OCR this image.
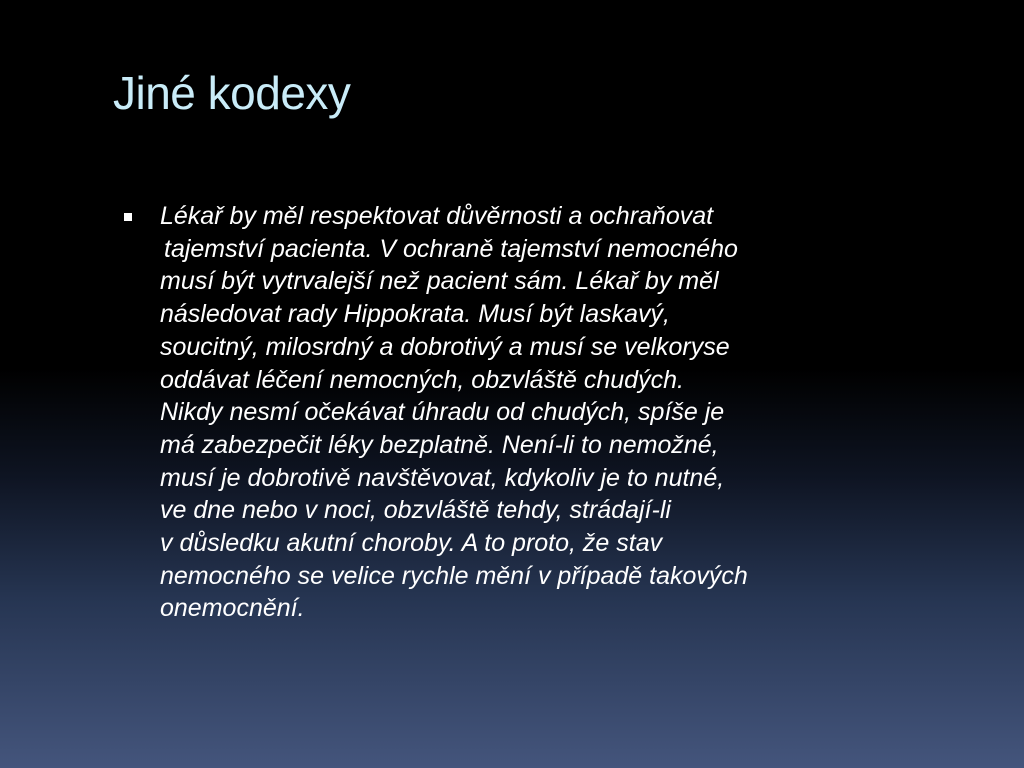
Jiné kodexy

Lékař by měl respektovat důvěrnosti a ochraňovat
tajemství pacienta. V ochraně tajemství nemocného
musí být vytrvalejší než pacient sám. Lékař by měl
následovat rady Hippokrata. Musí být laskavý,
soucitný, milosrdný a dobrotivý a musí se velkoryse
oddávat léčení nemocných, obzvláště chudých.
Nikdy nesmí očekávat úhradu od chudých, spíše je
má zabezpečit léky bezplatně. Není-li to nemožné,
musí je dobrotivě navštěvovat, kdykoliv je to nutné,
ve dne nebo v noci, obzvláště tehdy, strádají-li
v důsledku akutní choroby. A to proto, že stav
nemocného se velice rychle mění v případě takových
onemocnění.
